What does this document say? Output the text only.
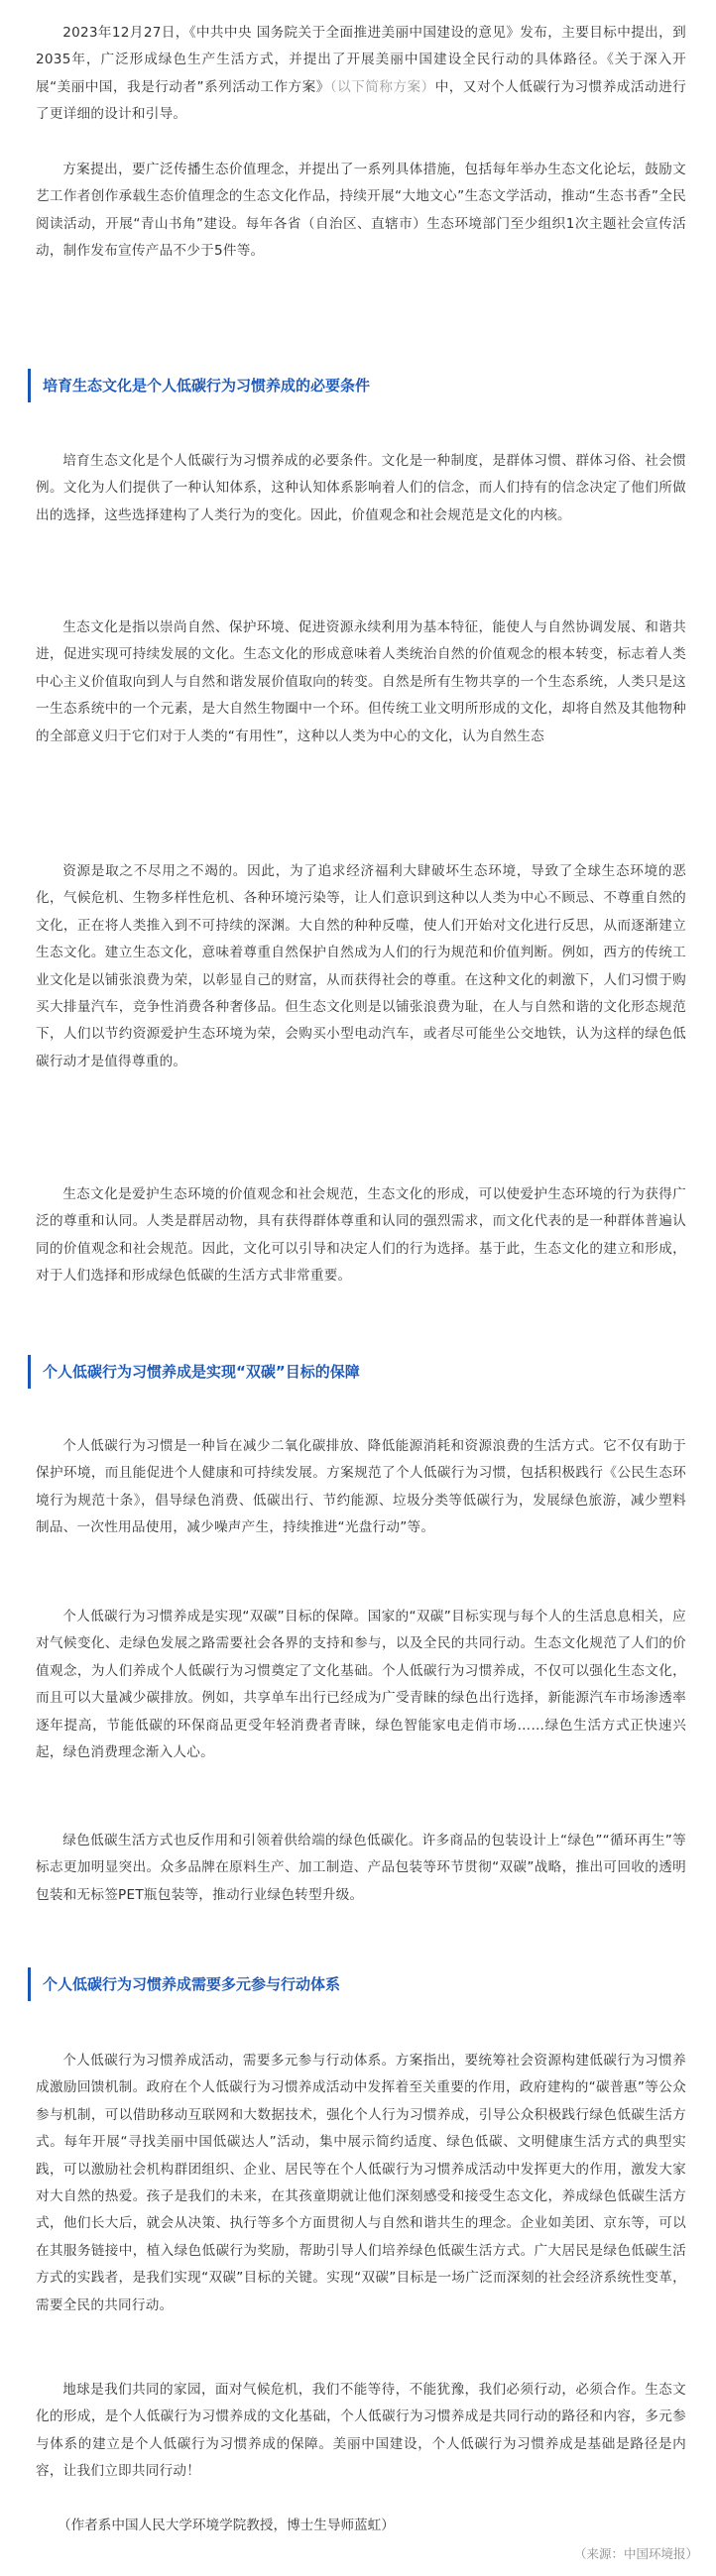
2023年12月27日，《中共中央 国务院关于全面推进美丽中国建设的意见》发布，主要目标中提出，到2035年，广泛形成绿色生产生活方式，并提出了开展美丽中国建设全民行动的具体路径。《关于深入开展“美丽中国，我是行动者”系列活动工作方案》（以下简称方案）中，又对个人低碳行为习惯养成活动进行了更详细的设计和引导。

方案提出，要广泛传播生态价值理念，并提出了一系列具体措施，包括每年举办生态文化论坛，鼓励文艺工作者创作承载生态价值理念的生态文化作品，持续开展“大地文心”生态文学活动，推动“生态书香”全民阅读活动，开展“青山书角”建设。每年各省（自治区、直辖市）生态环境部门至少组织1次主题社会宣传活动，制作发布宣传产品不少于5件等。

培育生态文化是个人低碳行为习惯养成的必要条件

培育生态文化是个人低碳行为习惯养成的必要条件。文化是一种制度，是群体习惯、群体习俗、社会惯例。文化为人们提供了一种认知体系，这种认知体系影响着人们的信念，而人们持有的信念决定了他们所做出的选择，这些选择建构了人类行为的变化。因此，价值观念和社会规范是文化的内核。

生态文化是指以崇尚自然、保护环境、促进资源永续利用为基本特征，能使人与自然协调发展、和谐共进，促进实现可持续发展的文化。生态文化的形成意味着人类统治自然的价值观念的根本转变，标志着人类中心主义价值取向到人与自然和谐发展价值取向的转变。自然是所有生物共享的一个生态系统，人类只是这一生态系统中的一个元素，是大自然生物圈中一个环。但传统工业文明所形成的文化，却将自然及其他物种的全部意义归于它们对于人类的“有用性”，这种以人类为中心的文化，认为自然生态

资源是取之不尽用之不竭的。因此，为了追求经济福利大肆破坏生态环境，导致了全球生态环境的恶化，气候危机、生物多样性危机、各种环境污染等，让人们意识到这种以人类为中心不顾忌、不尊重自然的文化，正在将人类推入到不可持续的深渊。大自然的种种反噬，使人们开始对文化进行反思，从而逐渐建立生态文化。建立生态文化，意味着尊重自然保护自然成为人们的行为规范和价值判断。例如，西方的传统工业文化是以铺张浪费为荣，以彰显自己的财富，从而获得社会的尊重。在这种文化的刺激下，人们习惯于购买大排量汽车，竞争性消费各种奢侈品。但生态文化则是以铺张浪费为耻，在人与自然和谐的文化形态规范下，人们以节约资源爱护生态环境为荣，会购买小型电动汽车，或者尽可能坐公交地铁，认为这样的绿色低碳行动才是值得尊重的。

生态文化是爱护生态环境的价值观念和社会规范，生态文化的形成，可以使爱护生态环境的行为获得广泛的尊重和认同。人类是群居动物，具有获得群体尊重和认同的强烈需求，而文化代表的是一种群体普遍认同的价值观念和社会规范。因此，文化可以引导和决定人们的行为选择。基于此，生态文化的建立和形成，对于人们选择和形成绿色低碳的生活方式非常重要。

个人低碳行为习惯养成是实现“双碳”目标的保障

个人低碳行为习惯是一种旨在减少二氧化碳排放、降低能源消耗和资源浪费的生活方式。它不仅有助于保护环境，而且能促进个人健康和可持续发展。方案规范了个人低碳行为习惯，包括积极践行《公民生态环境行为规范十条》，倡导绿色消费、低碳出行、节约能源、垃圾分类等低碳行为，发展绿色旅游，减少塑料制品、一次性用品使用，减少噪声产生，持续推进“光盘行动”等。

个人低碳行为习惯养成是实现“双碳”目标的保障。国家的“双碳”目标实现与每个人的生活息息相关，应对气候变化、走绿色发展之路需要社会各界的支持和参与，以及全民的共同行动。生态文化规范了人们的价值观念，为人们养成个人低碳行为习惯奠定了文化基础。个人低碳行为习惯养成，不仅可以强化生态文化，而且可以大量减少碳排放。例如，共享单车出行已经成为广受青睐的绿色出行选择，新能源汽车市场渗透率逐年提高，节能低碳的环保商品更受年轻消费者青睐，绿色智能家电走俏市场……绿色生活方式正快速兴起，绿色消费理念渐入人心。

绿色低碳生活方式也反作用和引领着供给端的绿色低碳化。许多商品的包装设计上“绿色”“循环再生”等标志更加明显突出。众多品牌在原料生产、加工制造、产品包装等环节贯彻“双碳”战略，推出可回收的透明包装和无标签PET瓶包装等，推动行业绿色转型升级。

个人低碳行为习惯养成需要多元参与行动体系

个人低碳行为习惯养成活动，需要多元参与行动体系。方案指出，要统筹社会资源构建低碳行为习惯养成激励回馈机制。政府在个人低碳行为习惯养成活动中发挥着至关重要的作用，政府建构的“碳普惠”等公众参与机制，可以借助移动互联网和大数据技术，强化个人行为习惯养成，引导公众积极践行绿色低碳生活方式。每年开展“寻找美丽中国低碳达人”活动，集中展示简约适度、绿色低碳、文明健康生活方式的典型实践，可以激励社会机构群团组织、企业、居民等在个人低碳行为习惯养成活动中发挥更大的作用，激发大家对大自然的热爱。孩子是我们的未来，在其孩童期就让他们深刻感受和接受生态文化，养成绿色低碳生活方式，他们长大后，就会从决策、执行等多个方面贯彻人与自然和谐共生的理念。企业如美团、京东等，可以在其服务链接中，植入绿色低碳行为奖励，帮助引导人们培养绿色低碳生活方式。广大居民是绿色低碳生活方式的实践者，是我们实现“双碳”目标的关键。实现“双碳”目标是一场广泛而深刻的社会经济系统性变革，需要全民的共同行动。

地球是我们共同的家园，面对气候危机，我们不能等待，不能犹豫，我们必须行动，必须合作。生态文化的形成，是个人低碳行为习惯养成的文化基础，个人低碳行为习惯养成是共同行动的路径和内容，多元参与体系的建立是个人低碳行为习惯养成的保障。美丽中国建设，个人低碳行为习惯养成是基础是路径是内容，让我们立即共同行动！

（作者系中国人民大学环境学院教授，博士生导师蓝虹）

（来源：中国环境报）
